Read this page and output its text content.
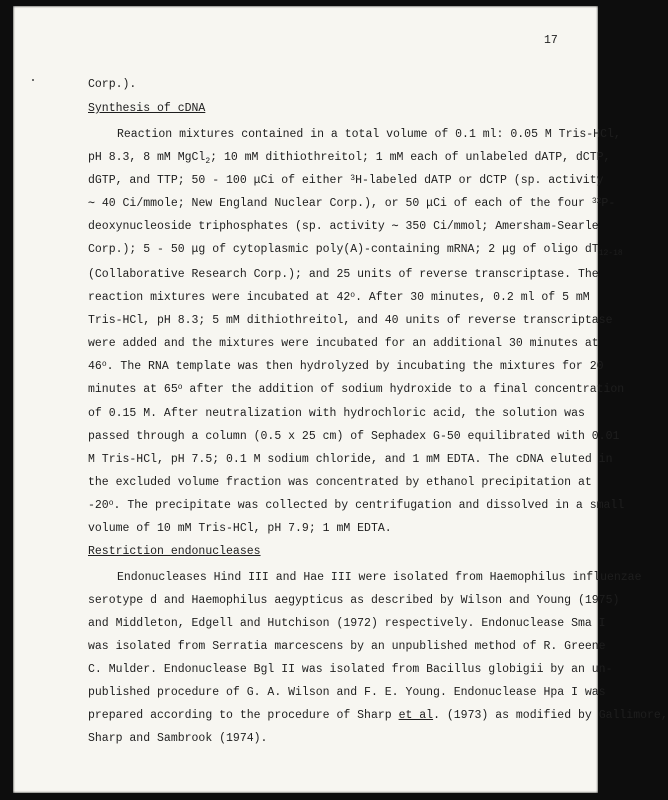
17
Corp.).
Synthesis of cDNA
Reaction mixtures contained in a total volume of 0.1 ml: 0.05 M Tris-HCl,
pH 8.3, 8 mM MgCl$_2$; 10 mM dithiothreitol; 1 mM each of unlabeled dATP, dCTP,
dGTP, and TTP; 50 - 100 μCi of either $^3$H-labeled dATP or dCTP (sp. activity
∼ 40 Ci/mmole; New England Nuclear Corp.), or 50 μCi of each of the four $^{32}$P-
deoxynucleoside triphosphates (sp. activity ∼ 350 Ci/mmol; Amersham-Searle
Corp.); 5 - 50 μg of cytoplasmic poly(A)-containing mRNA; 2 μg of oligo $dT_{12-18}$
(Collaborative Research Corp.); and 25 units of reverse transcriptase. The
reaction mixtures were incubated at 42$^o$. After 30 minutes, 0.2 ml of 5 mM
Tris-HCl, pH 8.3; 5 mM dithiothreitol, and 40 units of reverse transcriptase
were added and the mixtures were incubated for an additional 30 minutes at
46$^o$. The RNA template was then hydrolyzed by incubating the mixtures for 20
minutes at 65$^o$ after the addition of sodium hydroxide to a final concentration
of 0.15 M. After neutralization with hydrochloric acid, the solution was
passed through a column (0.5 x 25 cm) of Sephadex G-50 equilibrated with 0.01
M Tris-HCl, pH 7.5; 0.1 M sodium chloride, and 1 mM EDTA. The cDNA eluted in
the excluded volume fraction was concentrated by ethanol precipitation at
-20$^o$. The precipitate was collected by centrifugation and dissolved in a small
volume of 10 mM Tris-HCl, pH 7.9; 1 mM EDTA.
Restriction endonucleases
Endonucleases Hind III and Hae III were isolated from Haemophilus influenzae
serotype d and Haemophilus aegypticus as described by Wilson and Young (1975)
and Middleton, Edgell and Hutchison (1972) respectively. Endonuclease Sma I
was isolated from Serratia marcescens by an unpublished method of R. Greene
C. Mulder. Endonuclease Bgl II was isolated from Bacillus globigii by an un-
published procedure of G. A. Wilson and F. E. Young. Endonuclease Hpa I was
prepared according to the procedure of Sharp et al. (1973) as modified by Gallimore,
Sharp and Sambrook (1974).
